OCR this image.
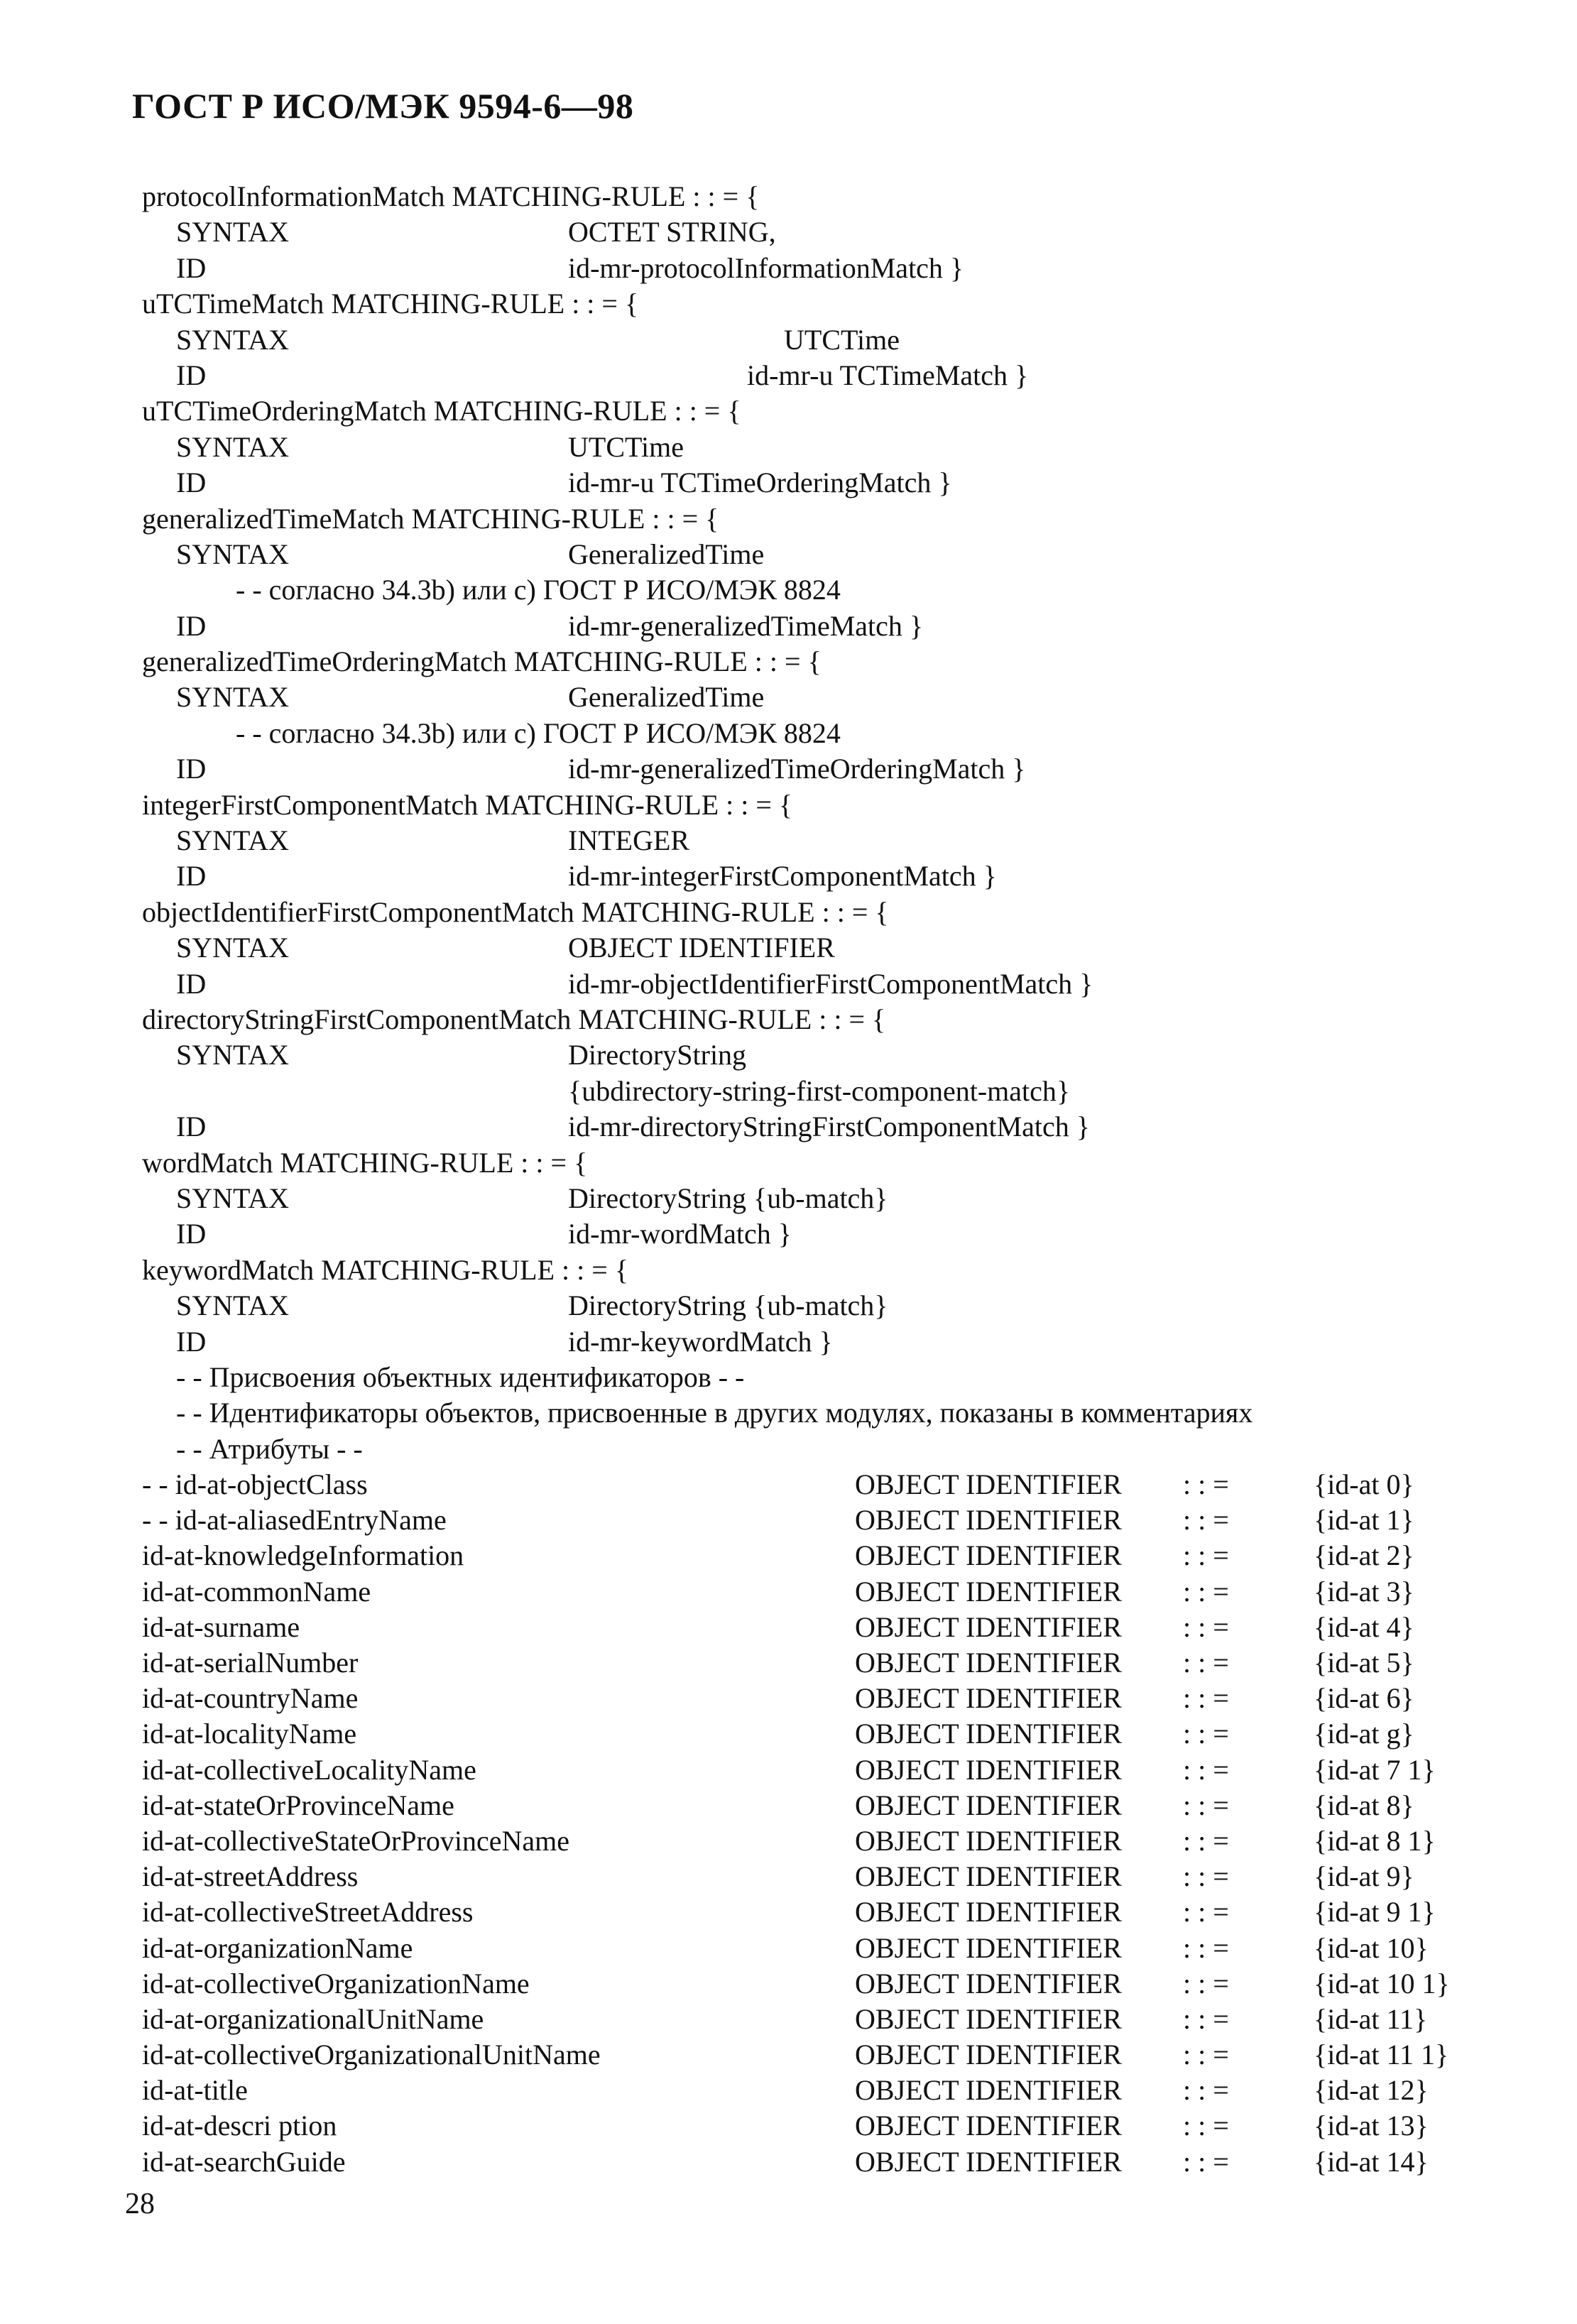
ГОСТ Р ИСО/МЭК 9594-6—98
protocolInformationMatch MATCHING-RULE : : = {
SYNTAX	OCTET STRING,
ID	id-mr-protocolInformationMatch }
uTCTimeMatch MATCHING-RULE : : = {
SYNTAX	UTCTime
ID	id-mr-u TCTimeMatch }
uTCTimeOrderingMatch MATCHING-RULE : : = {
SYNTAX	UTCTime
ID	id-mr-u TCTimeOrderingMatch }
generalizedTimeMatch MATCHING-RULE : : = {
SYNTAX	GeneralizedTime
- - согласно 34.3b) или с) ГОСТ Р ИСО/МЭК 8824
ID	id-mr-generalizedTimeMatch }
generalizedTimeOrderingMatch MATCHING-RULE : : = {
SYNTAX	GeneralizedTime
- - согласно 34.3b) или с) ГОСТ Р ИСО/МЭК 8824
ID	id-mr-generalizedTimeOrderingMatch }
integerFirstComponentMatch MATCHING-RULE : : = {
SYNTAX	INTEGER
ID	id-mr-integerFirstComponentMatch }
objectIdentifierFirstComponentMatch MATCHING-RULE : : = {
SYNTAX	OBJECT IDENTIFIER
ID	id-mr-objectIdentifierFirstComponentMatch }
directoryStringFirstComponentMatch MATCHING-RULE : : = {
SYNTAX	DirectoryString
{ubdirectory-string-first-component-match}
ID	id-mr-directoryStringFirstComponentMatch }
wordMatch MATCHING-RULE : : = {
SYNTAX	DirectoryString {ub-match}
ID	id-mr-wordMatch }
keywordMatch MATCHING-RULE : : = {
SYNTAX	DirectoryString {ub-match}
ID	id-mr-keywordMatch }
- - Присвоения объектных идентификаторов - -
- - Идентификаторы объектов, присвоенные в других модулях, показаны в комментариях
- - Атрибуты - -
- - id-at-objectClass	OBJECT IDENTIFIER : : =	{id-at 0}
- - id-at-aliasedEntryName	OBJECT IDENTIFIER : : =	{id-at 1}
id-at-knowledgeInformation	OBJECT IDENTIFIER : : =	{id-at 2}
id-at-commonName	OBJECT IDENTIFIER : : =	{id-at 3}
id-at-surname	OBJECT IDENTIFIER : : =	{id-at 4}
id-at-serialNumber	OBJECT IDENTIFIER : : =	{id-at 5}
id-at-countryName	OBJECT IDENTIFIER : : =	{id-at 6}
id-at-localityName	OBJECT IDENTIFIER : : =	{id-at g}
id-at-collectiveLocalityName	OBJECT IDENTIFIER : : =	{id-at 7 1}
id-at-stateOrProvinceName	OBJECT IDENTIFIER : : =	{id-at 8}
id-at-collectiveStateOrProvinceName	OBJECT IDENTIFIER : : =	{id-at 8 1}
id-at-streetAddress	OBJECT IDENTIFIER : : =	{id-at 9}
id-at-collectiveStreetAddress	OBJECT IDENTIFIER : : =	{id-at 9 1}
id-at-organizationName	OBJECT IDENTIFIER : : =	{id-at 10}
id-at-collectiveOrganizationName	OBJECT IDENTIFIER : : =	{id-at 10 1}
id-at-organizationalUnitName	OBJECT IDENTIFIER : : =	{id-at 11}
id-at-collectiveOrganizationalUnitName	OBJECT IDENTIFIER : : =	{id-at 11 1}
id-at-title	OBJECT IDENTIFIER : : =	{id-at 12}
id-at-descri ption	OBJECT IDENTIFIER : : =	{id-at 13}
id-at-searchGuide	OBJECT IDENTIFIER : : =	{id-at 14}
28
